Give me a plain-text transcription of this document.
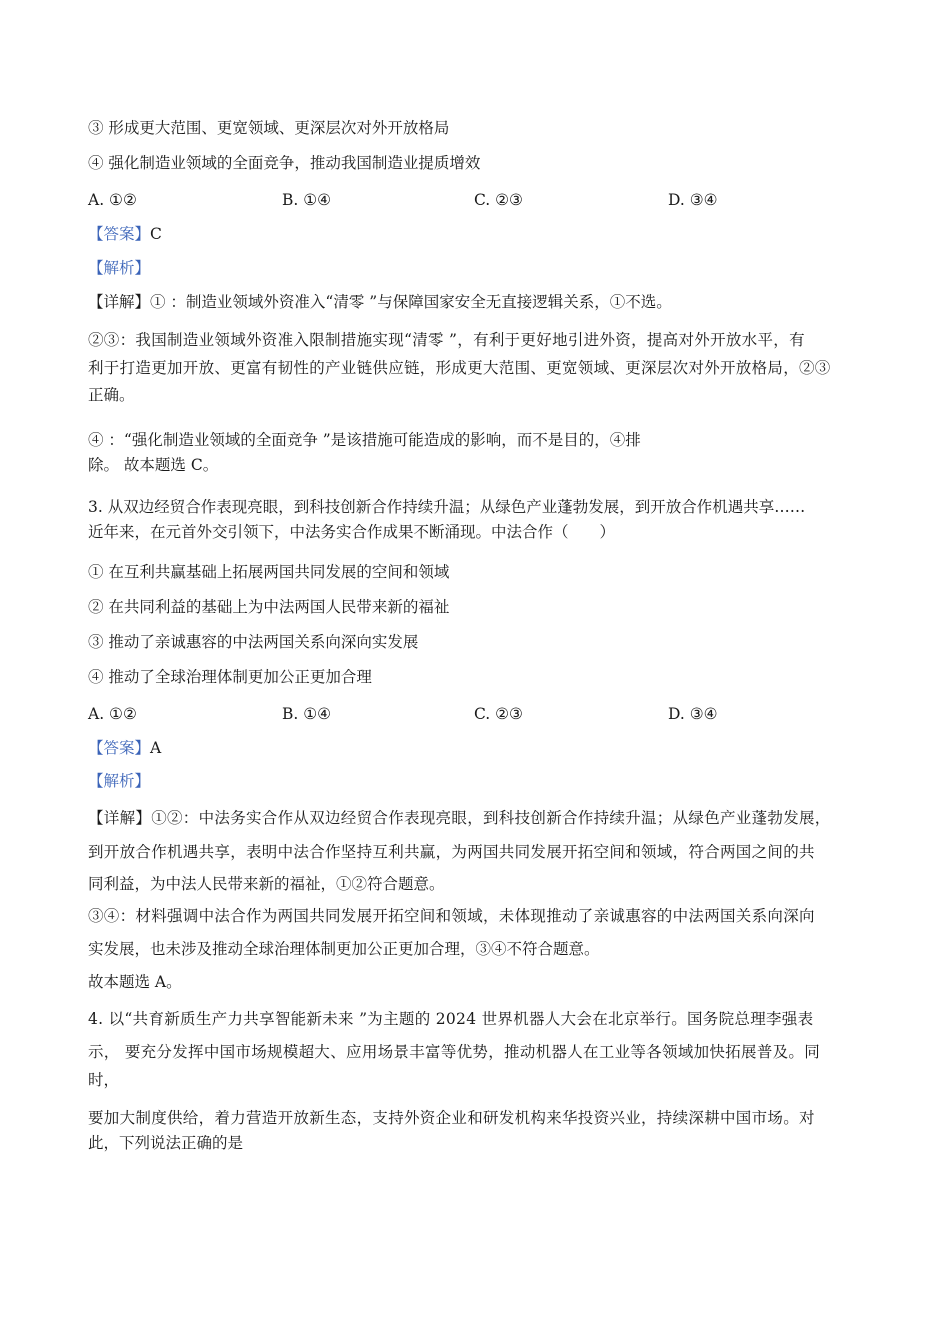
③ 形成更大范围、更宽领域、更深层次对外开放格局
④ 强化制造业领域的全面竞争，推动我国制造业提质增效
A. ①②	B. ①④	C. ②③	D. ③④
【答案】C
【解析】
【详解】① ：制造业领域外资准入“清零 ”与保障国家安全无直接逻辑关系，①不选。
②③：我国制造业领域外资准入限制措施实现“清零 ”，有利于更好地引进外资，提高对外开放水平，有
利于打造更加开放、更富有韧性的产业链供应链，形成更大范围、更宽领域、更深层次对外开放格局，②③
正确。
④ ：“强化制造业领域的全面竞争 ”是该措施可能造成的影响，而不是目的，④排
除。 故本题选 C。
3. 从双边经贸合作表现亮眼，到科技创新合作持续升温；从绿色产业蓬勃发展，到开放合作机遇共享……
近年来，在元首外交引领下，中法务实合作成果不断涌现。中法合作（　　）
① 在互利共赢基础上拓展两国共同发展的空间和领域
② 在共同利益的基础上为中法两国人民带来新的福祉
③ 推动了亲诚惠容的中法两国关系向深向实发展
④ 推动了全球治理体制更加公正更加合理
A. ①②	B. ①④	C. ②③	D. ③④
【答案】A
【解析】
【详解】①②：中法务实合作从双边经贸合作表现亮眼，到科技创新合作持续升温；从绿色产业蓬勃发展，
到开放合作机遇共享，表明中法合作坚持互利共赢，为两国共同发展开拓空间和领域，符合两国之间的共
同利益，为中法人民带来新的福祉，①②符合题意。
③④：材料强调中法合作为两国共同发展开拓空间和领域，未体现推动了亲诚惠容的中法两国关系向深向
实发展，也未涉及推动全球治理体制更加公正更加合理，③④不符合题意。
故本题选 A。
4. 以“共育新质生产力共享智能新未来 ”为主题的 2024 世界机器人大会在北京举行。国务院总理李强表
示， 要充分发挥中国市场规模超大、应用场景丰富等优势，推动机器人在工业等各领域加快拓展普及。同
时，
要加大制度供给，着力营造开放新生态，支持外资企业和研发机构来华投资兴业，持续深耕中国市场。对
此，下列说法正确的是
